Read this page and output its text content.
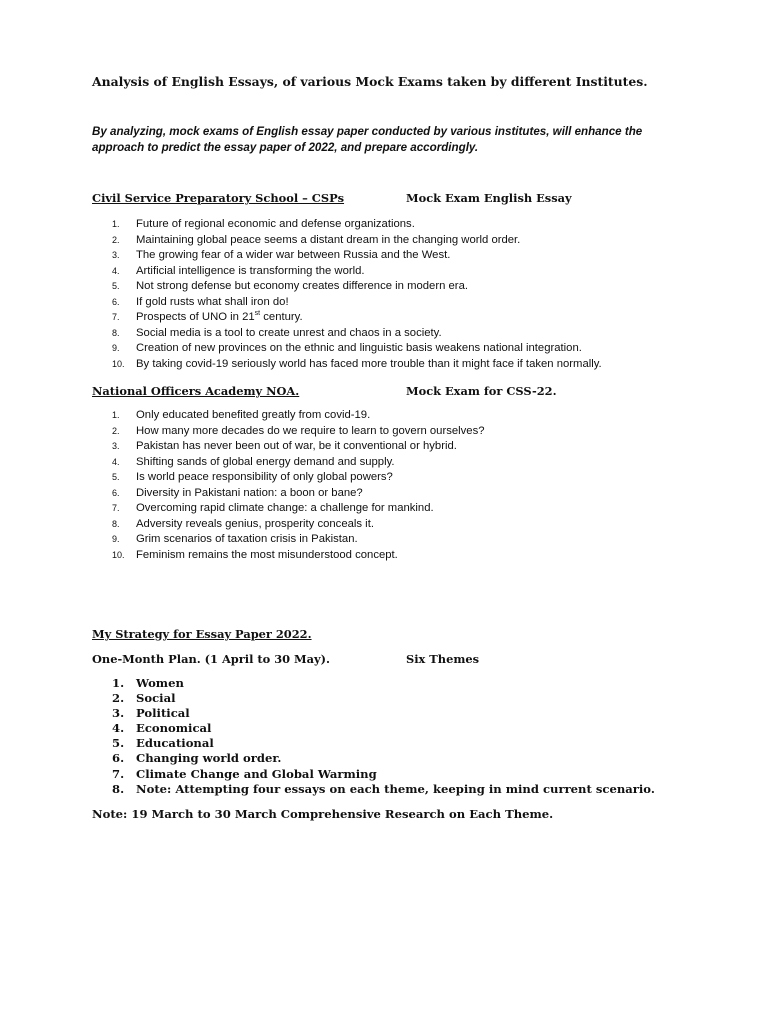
Analysis of English Essays, of various Mock Exams taken by different Institutes.
By analyzing, mock exams of English essay paper conducted by various institutes, will enhance the approach to predict the essay paper of 2022, and prepare accordingly.
Civil Service Preparatory School – CSPs	Mock Exam English Essay
1.	Future of regional economic and defense organizations.
2.	Maintaining global peace seems a distant dream in the changing world order.
3.	The growing fear of a wider war between Russia and the West.
4.	Artificial intelligence is transforming the world.
5.	Not strong defense but economy creates difference in modern era.
6.	If gold rusts what shall iron do!
7.	Prospects of UNO in 21st century.
8.	Social media is a tool to create unrest and chaos in a society.
9.	Creation of new provinces on the ethnic and linguistic basis weakens national integration.
10. By taking covid-19 seriously world has faced more trouble than it might face if taken normally.
National Officers Academy NOA.	Mock Exam for CSS-22.
1.	Only educated benefited greatly from covid-19.
2.	How many more decades do we require to learn to govern ourselves?
3.	Pakistan has never been out of war, be it conventional or hybrid.
4.	Shifting sands of global energy demand and supply.
5.	Is world peace responsibility of only global powers?
6.	Diversity in Pakistani nation: a boon or bane?
7.	Overcoming rapid climate change: a challenge for mankind.
8.	Adversity reveals genius, prosperity conceals it.
9.	Grim scenarios of taxation crisis in Pakistan.
10. Feminism remains the most misunderstood concept.
My Strategy for Essay Paper 2022.
One-Month Plan. (1 April to 30 May).	Six Themes
1. Women
2. Social
3. Political
4. Economical
5. Educational
6. Changing world order.
7. Climate Change and Global Warming
8. Note: Attempting four essays on each theme, keeping in mind current scenario.
Note: 19 March to 30 March Comprehensive Research on Each Theme.
